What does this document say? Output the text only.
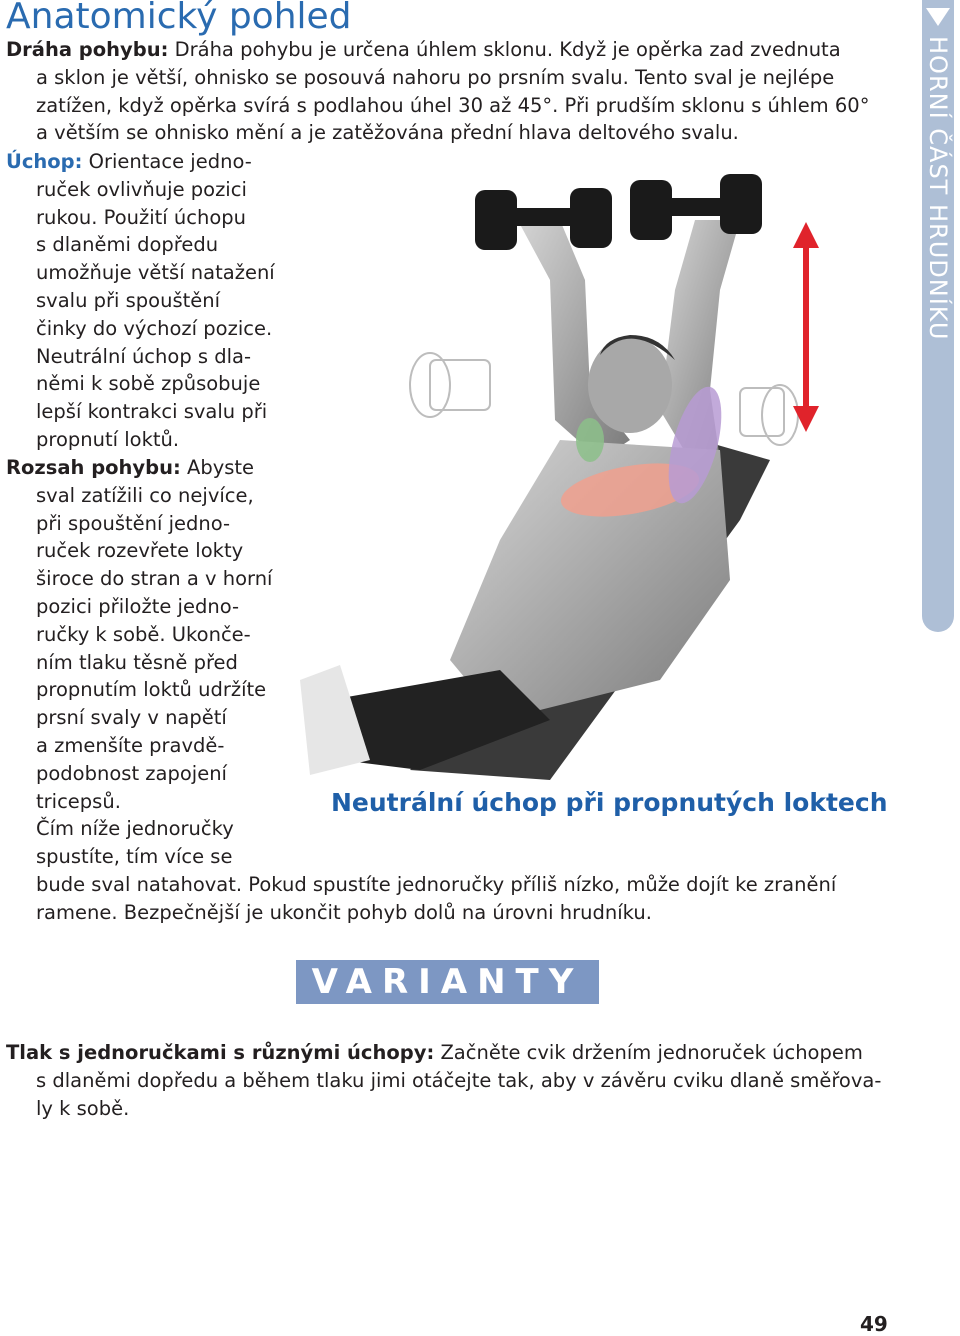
Anatomický pohled
HORNÍ ČÁST HRUDNÍKU

Dráha pohybu: Dráha pohybu je určena úhlem sklonu. Když je opěrka zad zvednuta
a sklon je větší, ohnisko se posouvá nahoru po prsním svalu. Tento sval je nejlépe
zatížen, když opěrka svírá s podlahou úhel 30 až 45°. Při prudším sklonu s úhlem 60°
a větším se ohnisko mění a je zatěžována přední hlava deltového svalu.

Úchop: Orientace jedno-
ruček ovlivňuje pozici
rukou. Použití úchopu
s dlaněmi dopředu
umožňuje větší natažení
svalu při spouštění
činky do výchozí pozice.
Neutrální úchop s dla-
němi k sobě způsobuje
lepší kontrakci svalu při
propnutí loktů.

Rozsah pohybu: Abyste
sval zatížili co nejvíce,
při spouštění jedno-
ruček rozevřete lokty
široce do stran a v horní
pozici přiložte jedno-
ručky k sobě. Ukonče-
ním tlaku těsně před
propnutím loktů udržíte
prsní svaly v napětí
a zmenšíte pravdě-
podobnost zapojení
tricepsů.
Čím níže jednoručky
spustíte, tím více se
bude sval natahovat. Pokud spustíte jednoručky příliš nízko, může dojít ke zranění
ramene. Bezpečnější je ukončit pohyb dolů na úrovni hrudníku.

Neutrální úchop při propnutých loktech
VARIANTY

Tlak s jednoručkami s různými úchopy: Začněte cvik držením jednoruček úchopem
s dlaněmi dopředu a během tlaku jimi otáčejte tak, aby v závěru cviku dlaně směřova-
ly k sobě.

49
